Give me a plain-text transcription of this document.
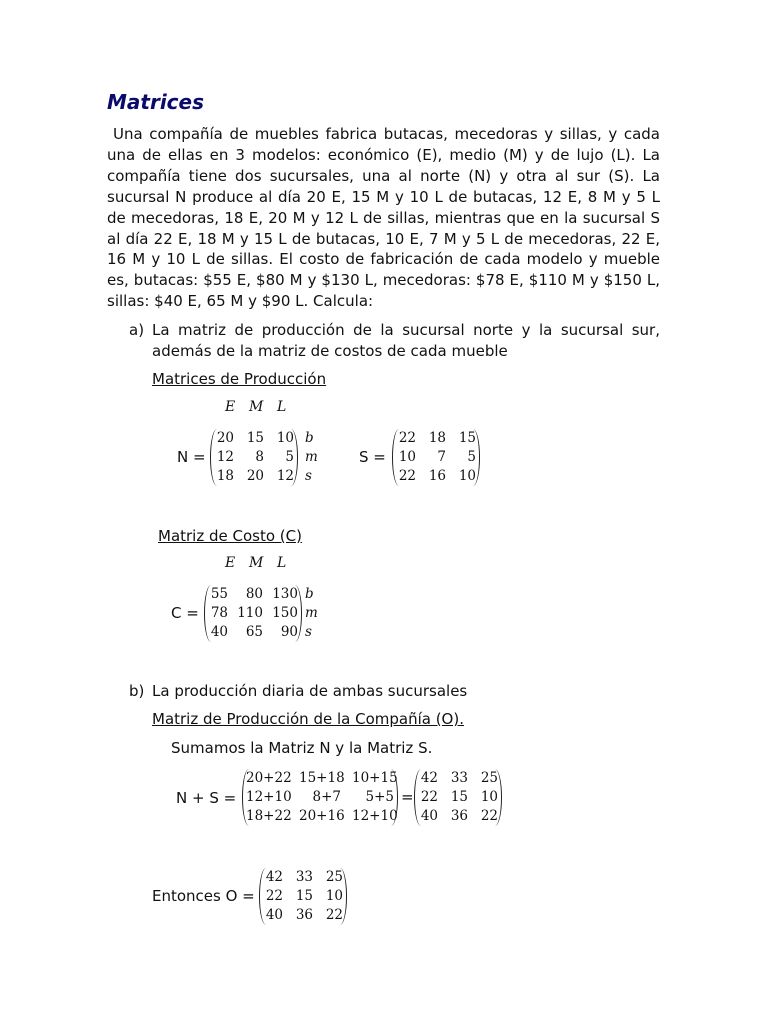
Matrices

Una compañía de muebles fabrica butacas, mecedoras y sillas, y cada una de ellas en 3 modelos: económico (E), medio (M) y de lujo (L). La compañía tiene dos sucursales, una al norte (N) y otra al sur (S). La sucursal N produce al día 20 E, 15 M y 10 L de butacas, 12 E, 8 M y 5 L de mecedoras, 18 E, 20 M y 12 L de sillas, mientras que en la sucursal S al día 22 E, 18 M y 15 L de butacas, 10 E, 7 M y 5 L de mecedoras, 22 E, 16 M y 10 L de sillas. El costo de fabricación de cada modelo y mueble es, butacas: $55 E, $80 M y $130 L, mecedoras: $78 E, $110 M y $150 L, sillas: $40 E, 65 M y $90 L. Calcula:

a) La matriz de producción de la sucursal norte y la sucursal sur, además de la matriz de costos de cada mueble
Matrices de Producción
E M L
N =
20 15 10
12	8	5
18 20 12
b
m
s
S =
22 18 15
10	7	5
22 16 10
Matriz de Costo (C)
E M L
C =
55	80 130
78 110 150
40	65	90
b
m
s
b) La producción diaria de ambas sucursales
Matriz de Producción de la Compañía (O).
Sumamos la Matriz N y la Matriz S.
N + S =
20+22 15+18 10+15
12+10	8+7	5+5
18+22 20+16 12+10
=
42 33 25
22 15 10
40 36 22
Entonces O =
42 33 25
22 15 10
40 36 22
